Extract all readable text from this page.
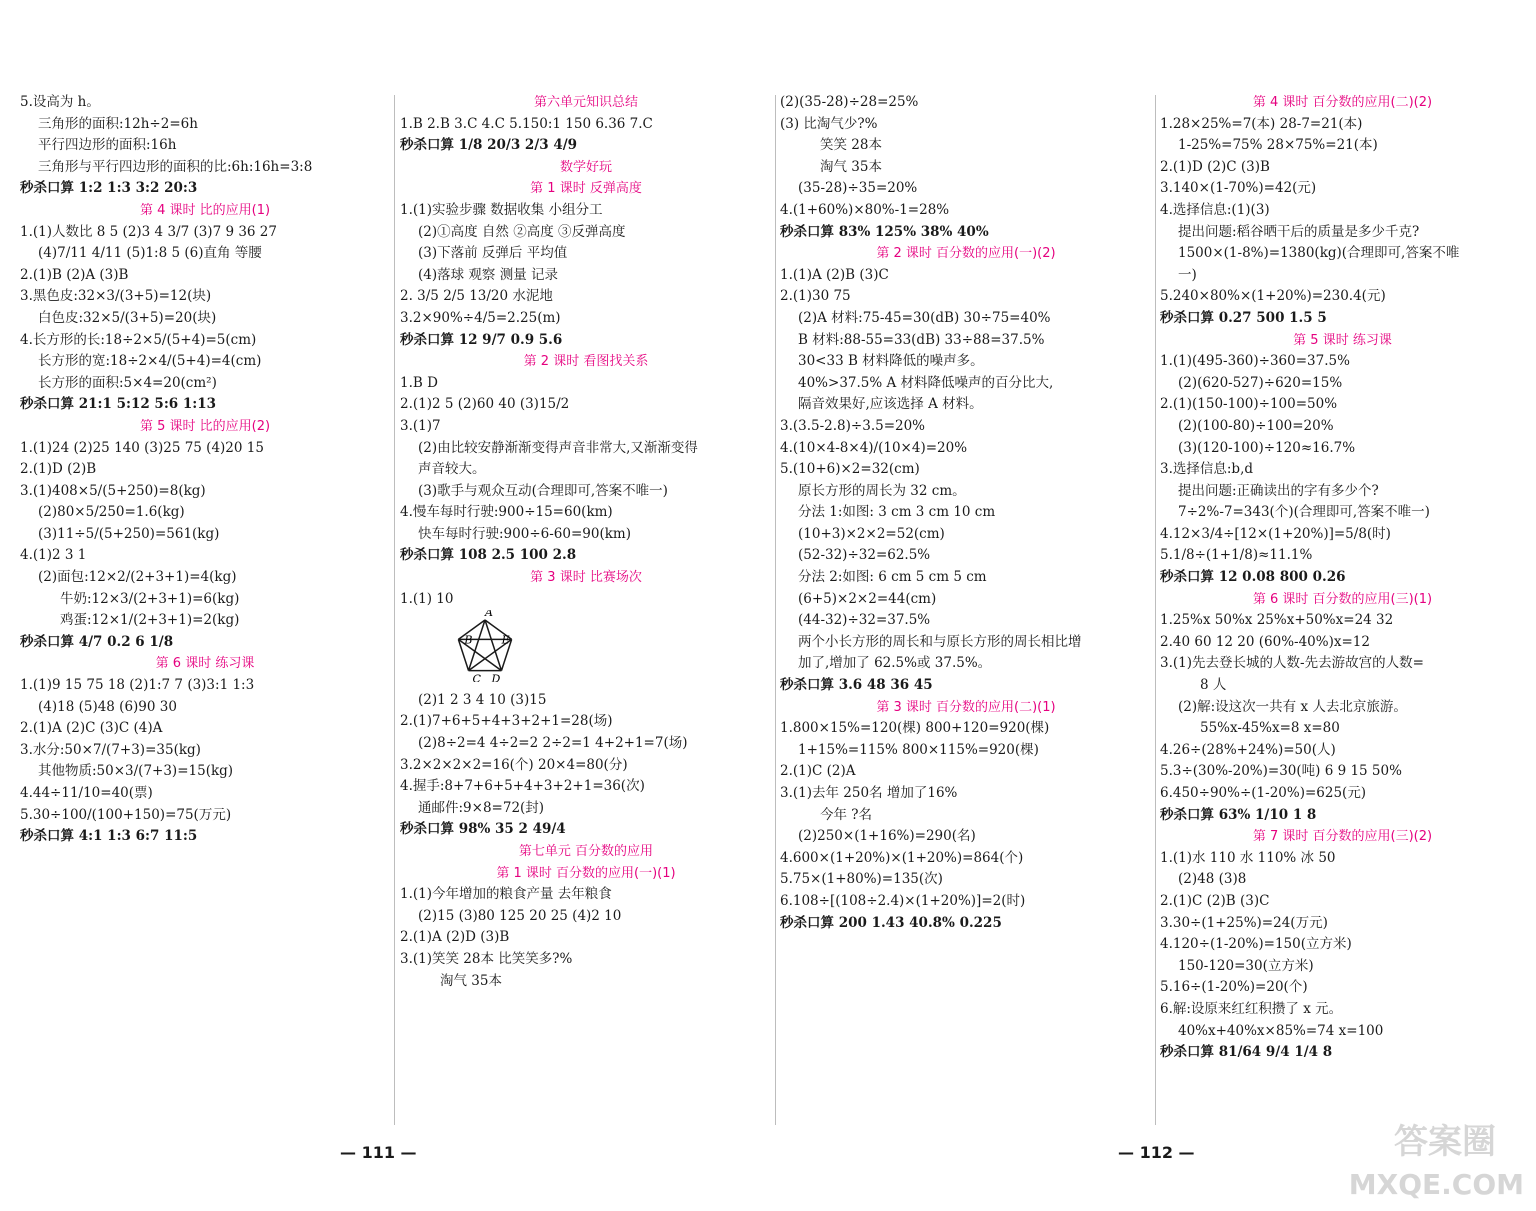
5.设高为 h。
三角形的面积:12h÷2=6h
平行四边形的面积:16h
三角形与平行四边形的面积的比:6h:16h=3:8
秒杀口算 1:2 1:3 3:2 20:3
第 4 课时 比的应用(1)
1.(1)人数比 8 5 (2)3 4 3/7 (3)7 9 36 27
(4)7/11 4/11 (5)1:8 5 (6)直角 等腰
2.(1)B (2)A (3)B
3.黑色皮:32×3/(3+5)=12(块)
白色皮:32×5/(3+5)=20(块)
4.长方形的长:18÷2×5/(5+4)=5(cm)
长方形的宽:18÷2×4/(5+4)=4(cm)
长方形的面积:5×4=20(cm²)
秒杀口算 21:1 5:12 5:6 1:13
第 5 课时 比的应用(2)
1.(1)24 (2)25 140 (3)25 75 (4)20 15
2.(1)D (2)B
3.(1)408×5/(5+250)=8(kg)
(2)80×5/250=1.6(kg)
(3)11÷5/(5+250)=561(kg)
4.(1)2 3 1
(2)面包:12×2/(2+3+1)=4(kg)
牛奶:12×3/(2+3+1)=6(kg)
鸡蛋:12×1/(2+3+1)=2(kg)
秒杀口算 4/7 0.2 6 1/8
第 6 课时 练习课
1.(1)9 15 75 18 (2)1:7 7 (3)3:1 1:3
(4)18 (5)48 (6)90 30
2.(1)A (2)C (3)C (4)A
3.水分:50×7/(7+3)=35(kg)
其他物质:50×3/(7+3)=15(kg)
4.44÷11/10=40(票)
5.30÷100/(100+150)=75(万元)
秒杀口算 4:1 1:3 6:7 11:5
第六单元知识总结
1.B 2.B 3.C 4.C 5.150:1 150 6.36 7.C
秒杀口算 1/8 20/3 2/3 4/9
数学好玩
第 1 课时 反弹高度
1.(1)实验步骤 数据收集 小组分工
(2)①高度 自然 ②高度 ③反弹高度
(3)下落前 反弹后 平均值
(4)落球 观察 测量 记录
2. 3/5 2/5 13/20 水泥地
3.2×90%÷4/5=2.25(m)
秒杀口算 12 9/7 0.9 5.6
第 2 课时 看图找关系
1.B D
2.(1)2 5 (2)60 40 (3)15/2
3.(1)7
(2)由比较安静渐渐变得声音非常大,又渐渐变得
声音较大。
(3)歌手与观众互动(合理即可,答案不唯一)
4.慢车每时行驶:900÷15=60(km)
快车每时行驶:900÷6-60=90(km)
秒杀口算 108 2.5 100 2.8
第 3 课时 比赛场次
1.(1) 10
A
B
C D
E
(2)1 2 3 4 10 (3)15
2.(1)7+6+5+4+3+2+1=28(场)
(2)8÷2=4 4÷2=2 2÷2=1 4+2+1=7(场)
3.2×2×2×2=16(个) 20×4=80(分)
4.握手:8+7+6+5+4+3+2+1=36(次)
通邮件:9×8=72(封)
秒杀口算 98% 35 2 49/4
第七单元 百分数的应用
第 1 课时 百分数的应用(一)(1)
1.(1)今年增加的粮食产量 去年粮食
(2)15 (3)80 125 20 25 (4)2 10
2.(1)A (2)D (3)B
3.(1)笑笑 28本 比笑笑多?%
淘气 35本
(2)(35-28)÷28=25%
(3) 比淘气少?%
笑笑 28本
淘气 35本
(35-28)÷35=20%
4.(1+60%)×80%-1=28%
秒杀口算 83% 125% 38% 40%
第 2 课时 百分数的应用(一)(2)
1.(1)A (2)B (3)C
2.(1)30 75
(2)A 材料:75-45=30(dB) 30÷75=40%
B 材料:88-55=33(dB) 33÷88=37.5%
30<33 B 材料降低的噪声多。
40%>37.5% A 材料降低噪声的百分比大,
隔音效果好,应该选择 A 材料。
3.(3.5-2.8)÷3.5=20%
4.(10×4-8×4)/(10×4)=20%
5.(10+6)×2=32(cm)
原长方形的周长为 32 cm。
分法 1:如图: 3 cm 3 cm 10 cm
(10+3)×2×2=52(cm)
(52-32)÷32=62.5%
分法 2:如图: 6 cm 5 cm 5 cm
(6+5)×2×2=44(cm)
(44-32)÷32=37.5%
两个小长方形的周长和与原长方形的周长相比增
加了,增加了 62.5%或 37.5%。
秒杀口算 3.6 48 36 45
第 3 课时 百分数的应用(二)(1)
1.800×15%=120(棵) 800+120=920(棵)
1+15%=115% 800×115%=920(棵)
2.(1)C (2)A
3.(1)去年 250名 增加了16%
今年 ?名
(2)250×(1+16%)=290(名)
4.600×(1+20%)×(1+20%)=864(个)
5.75×(1+80%)=135(次)
6.108÷[(108÷2.4)×(1+20%)]=2(时)
秒杀口算 200 1.43 40.8% 0.225
第 4 课时 百分数的应用(二)(2)
1.28×25%=7(本) 28-7=21(本)
1-25%=75% 28×75%=21(本)
2.(1)D (2)C (3)B
3.140×(1-70%)=42(元)
4.选择信息:(1)(3)
提出问题:稻谷晒干后的质量是多少千克?
1500×(1-8%)=1380(kg)(合理即可,答案不唯
一)
5.240×80%×(1+20%)=230.4(元)
秒杀口算 0.27 500 1.5 5
第 5 课时 练习课
1.(1)(495-360)÷360=37.5%
(2)(620-527)÷620=15%
2.(1)(150-100)÷100=50%
(2)(100-80)÷100=20%
(3)(120-100)÷120≈16.7%
3.选择信息:b,d
提出问题:正确读出的字有多少个?
7÷2%-7=343(个)(合理即可,答案不唯一)
4.12×3/4÷[12×(1+20%)]=5/8(时)
5.1/8÷(1+1/8)≈11.1%
秒杀口算 12 0.08 800 0.26
第 6 课时 百分数的应用(三)(1)
1.25%x 50%x 25%x+50%x=24 32
2.40 60 12 20 (60%-40%)x=12
3.(1)先去登长城的人数-先去游故宫的人数=
8 人
(2)解:设这次一共有 x 人去北京旅游。
55%x-45%x=8 x=80
4.26÷(28%+24%)=50(人)
5.3÷(30%-20%)=30(吨) 6 9 15 50%
6.450÷90%÷(1-20%)=625(元)
秒杀口算 63% 1/10 1 8
第 7 课时 百分数的应用(三)(2)
1.(1)水 110 水 110% 冰 50
(2)48 (3)8
2.(1)C (2)B (3)C
3.30÷(1+25%)=24(万元)
4.120÷(1-20%)=150(立方米)
150-120=30(立方米)
5.16÷(1-20%)=20(个)
6.解:设原来红红积攒了 x 元。
40%x+40%x×85%=74 x=100
秒杀口算 81/64 9/4 1/4 8
— 111 —	— 112 —	答案圈
MXQE.COM
